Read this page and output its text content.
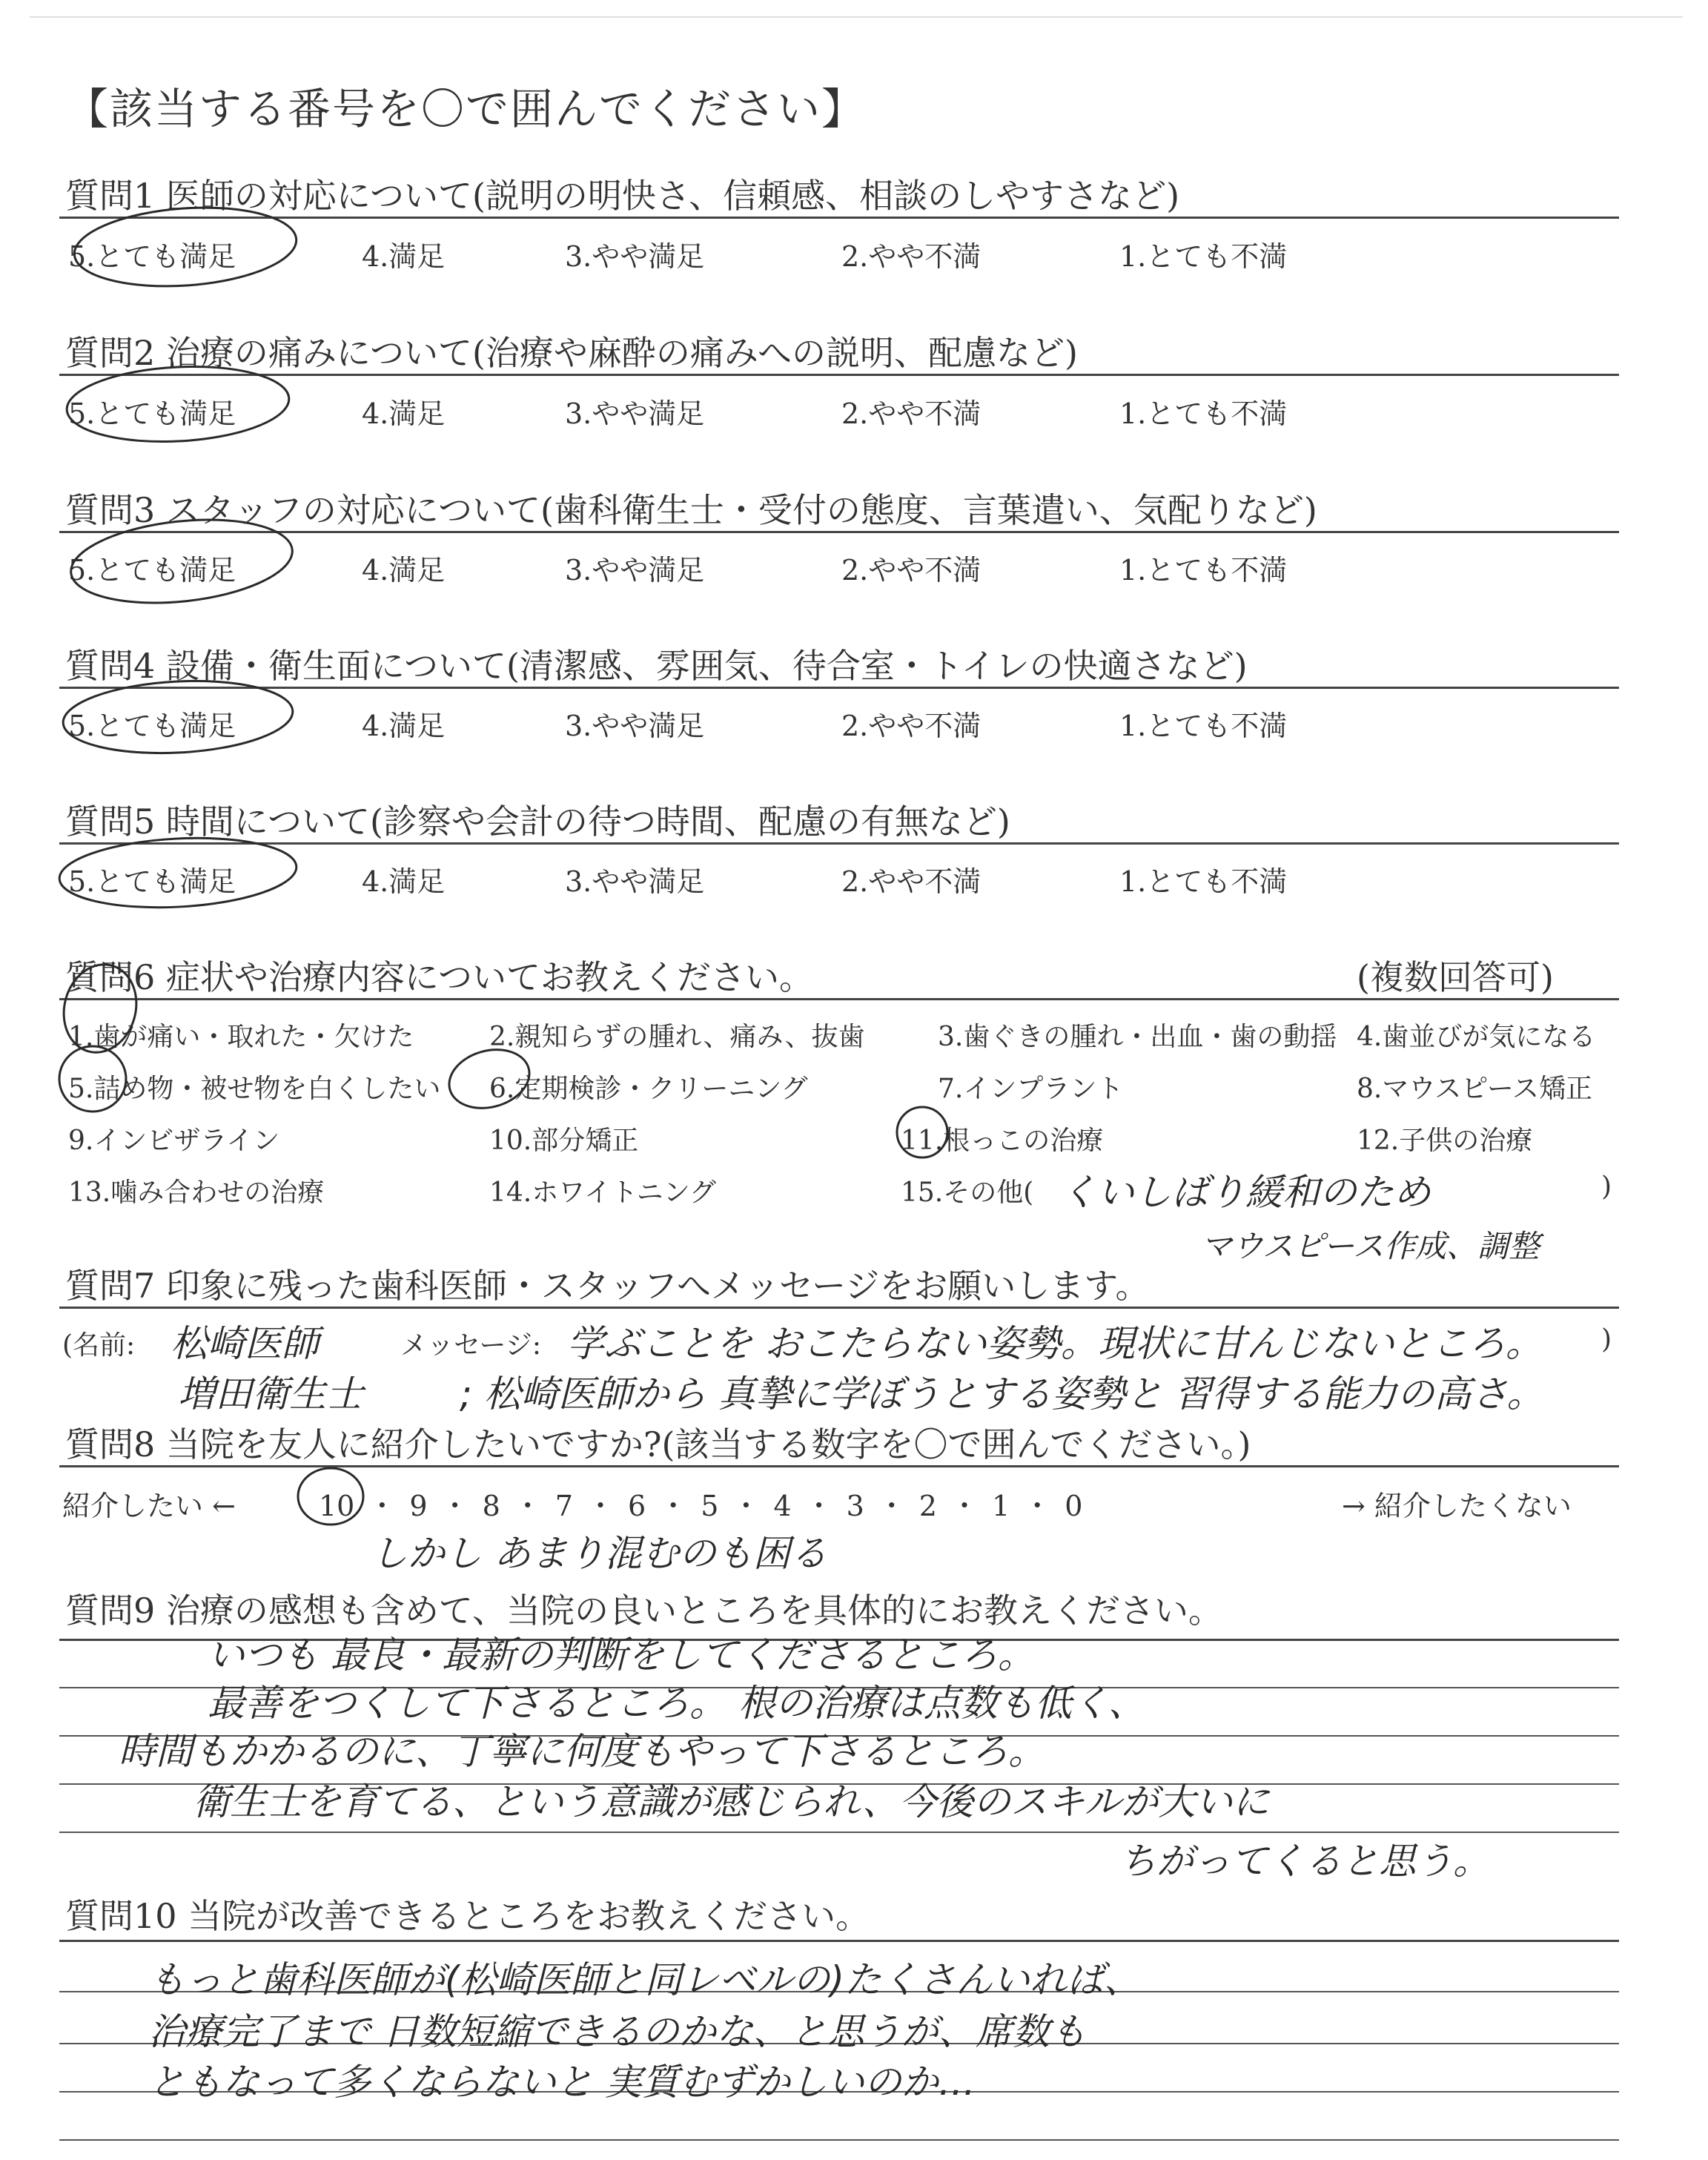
【該当する番号を〇で囲んでください】
質問1 医師の対応について(説明の明快さ、信頼感、相談のしやすさなど)
5.とても満足	4.満足	3.やや満足	2.やや不満	1.とても不満
質問2 治療の痛みについて(治療や麻酔の痛みへの説明、配慮など)
5.とても満足	4.満足	3.やや満足	2.やや不満	1.とても不満
質問3 スタッフの対応について(歯科衛生士・受付の態度、言葉遣い、気配りなど)
5.とても満足	4.満足	3.やや満足	2.やや不満	1.とても不満
質問4 設備・衛生面について(清潔感、雰囲気、待合室・トイレの快適さなど)
5.とても満足	4.満足	3.やや満足	2.やや不満	1.とても不満
質問5 時間について(診察や会計の待つ時間、配慮の有無など)
5.とても満足	4.満足	3.やや満足	2.やや不満	1.とても不満
質問6 症状や治療内容についてお教えください。	(複数回答可)
1.歯が痛い・取れた・欠けた	2.親知らずの腫れ、痛み、抜歯	3.歯ぐきの腫れ・出血・歯の動揺 4.歯並びが気になる
5.詰め物・被せ物を白くしたい 6.定期検診・クリーニング	7.インプラント	8.マウスピース矯正
9.インビザライン	10.部分矯正	11.根っこの治療	12.子供の治療
13.噛み合わせの治療	14.ホワイトニング	15.その他(	)
くいしばり緩和のため
マウスピース作成、調整
質問7 印象に残った歯科医師・スタッフへメッセージをお願いします。
(名前:	メッセージ:	)
松崎医師	学ぶことを おこたらない姿勢。現状に甘んじないところ。
増田衛生士	; 松崎医師から 真摯に学ぼうとする姿勢と 習得する能力の高さ。
質問8 当院を友人に紹介したいですか?(該当する数字を〇で囲んでください。)
紹介したい ←	10 ・ 9 ・ 8 ・ 7 ・ 6 ・ 5 ・ 4 ・ 3 ・ 2 ・ 1 ・ 0	→ 紹介したくない
しかし あまり混むのも困る
質問9 治療の感想も含めて、当院の良いところを具体的にお教えください。
いつも 最良・最新の判断をしてくださるところ。
最善をつくして下さるところ。 根の治療は点数も低く、
時間もかかるのに、丁寧に何度もやって下さるところ。
衛生士を育てる、という意識が感じられ、今後のスキルが大いに
ちがってくると思う。
質問10 当院が改善できるところをお教えください。
もっと歯科医師が(松崎医師と同レベルの)たくさんいれば、
治療完了まで 日数短縮できるのかな、と思うが、席数も
ともなって多くならないと 実質むずかしいのか…
